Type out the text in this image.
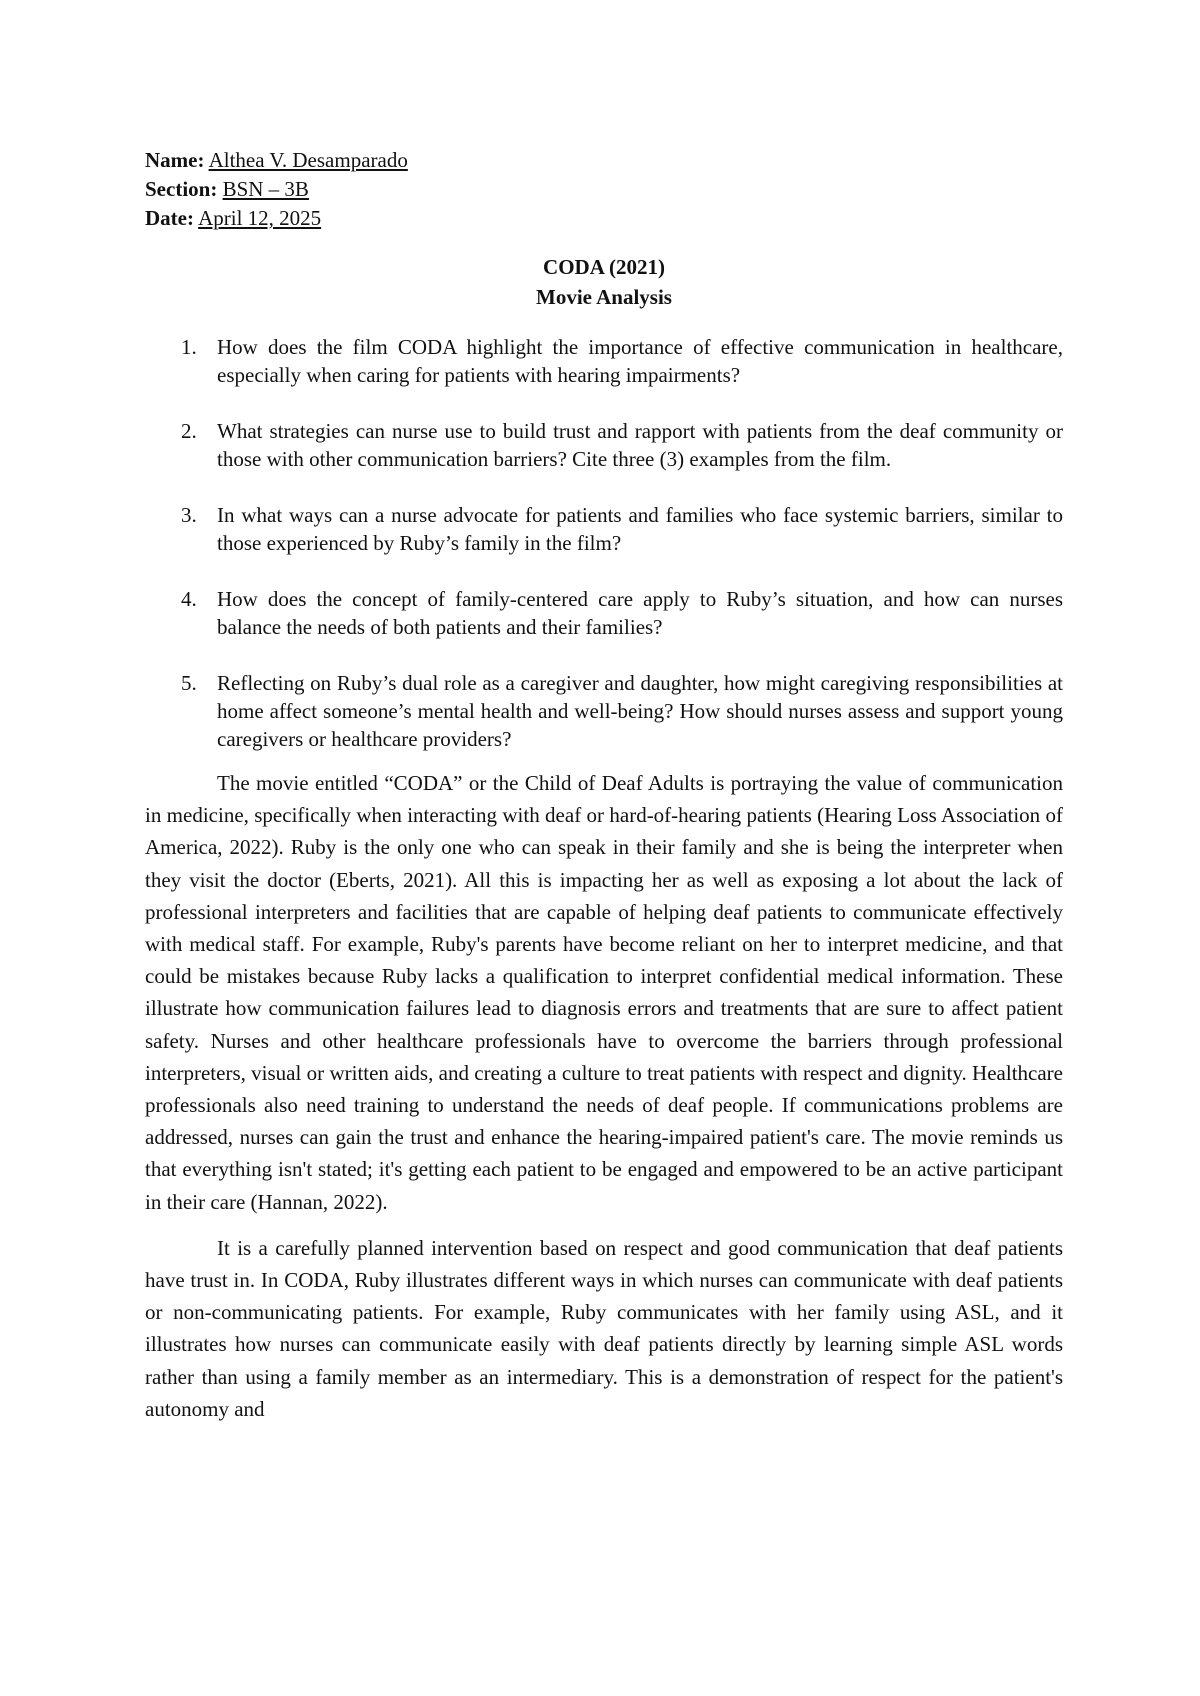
Name: Althea V. Desamparado
Section: BSN – 3B
Date: April 12, 2025
CODA (2021)
Movie Analysis
1. How does the film CODA highlight the importance of effective communication in healthcare, especially when caring for patients with hearing impairments?
2. What strategies can nurse use to build trust and rapport with patients from the deaf community or those with other communication barriers? Cite three (3) examples from the film.
3. In what ways can a nurse advocate for patients and families who face systemic barriers, similar to those experienced by Ruby’s family in the film?
4. How does the concept of family-centered care apply to Ruby’s situation, and how can nurses balance the needs of both patients and their families?
5. Reflecting on Ruby’s dual role as a caregiver and daughter, how might caregiving responsibilities at home affect someone’s mental health and well-being? How should nurses assess and support young caregivers or healthcare providers?

The movie entitled “CODA” or the Child of Deaf Adults is portraying the value of communication in medicine, specifically when interacting with deaf or hard-of-hearing patients (Hearing Loss Association of America, 2022). Ruby is the only one who can speak in their family and she is being the interpreter when they visit the doctor (Eberts, 2021). All this is impacting her as well as exposing a lot about the lack of professional interpreters and facilities that are capable of helping deaf patients to communicate effectively with medical staff. For example, Ruby's parents have become reliant on her to interpret medicine, and that could be mistakes because Ruby lacks a qualification to interpret confidential medical information. These illustrate how communication failures lead to diagnosis errors and treatments that are sure to affect patient safety. Nurses and other healthcare professionals have to overcome the barriers through professional interpreters, visual or written aids, and creating a culture to treat patients with respect and dignity. Healthcare professionals also need training to understand the needs of deaf people. If communications problems are addressed, nurses can gain the trust and enhance the hearing-impaired patient's care. The movie reminds us that everything isn't stated; it's getting each patient to be engaged and empowered to be an active participant in their care (Hannan, 2022).

It is a carefully planned intervention based on respect and good communication that deaf patients have trust in. In CODA, Ruby illustrates different ways in which nurses can communicate with deaf patients or non-communicating patients. For example, Ruby communicates with her family using ASL, and it illustrates how nurses can communicate easily with deaf patients directly by learning simple ASL words rather than using a family member as an intermediary. This is a demonstration of respect for the patient's autonomy and
